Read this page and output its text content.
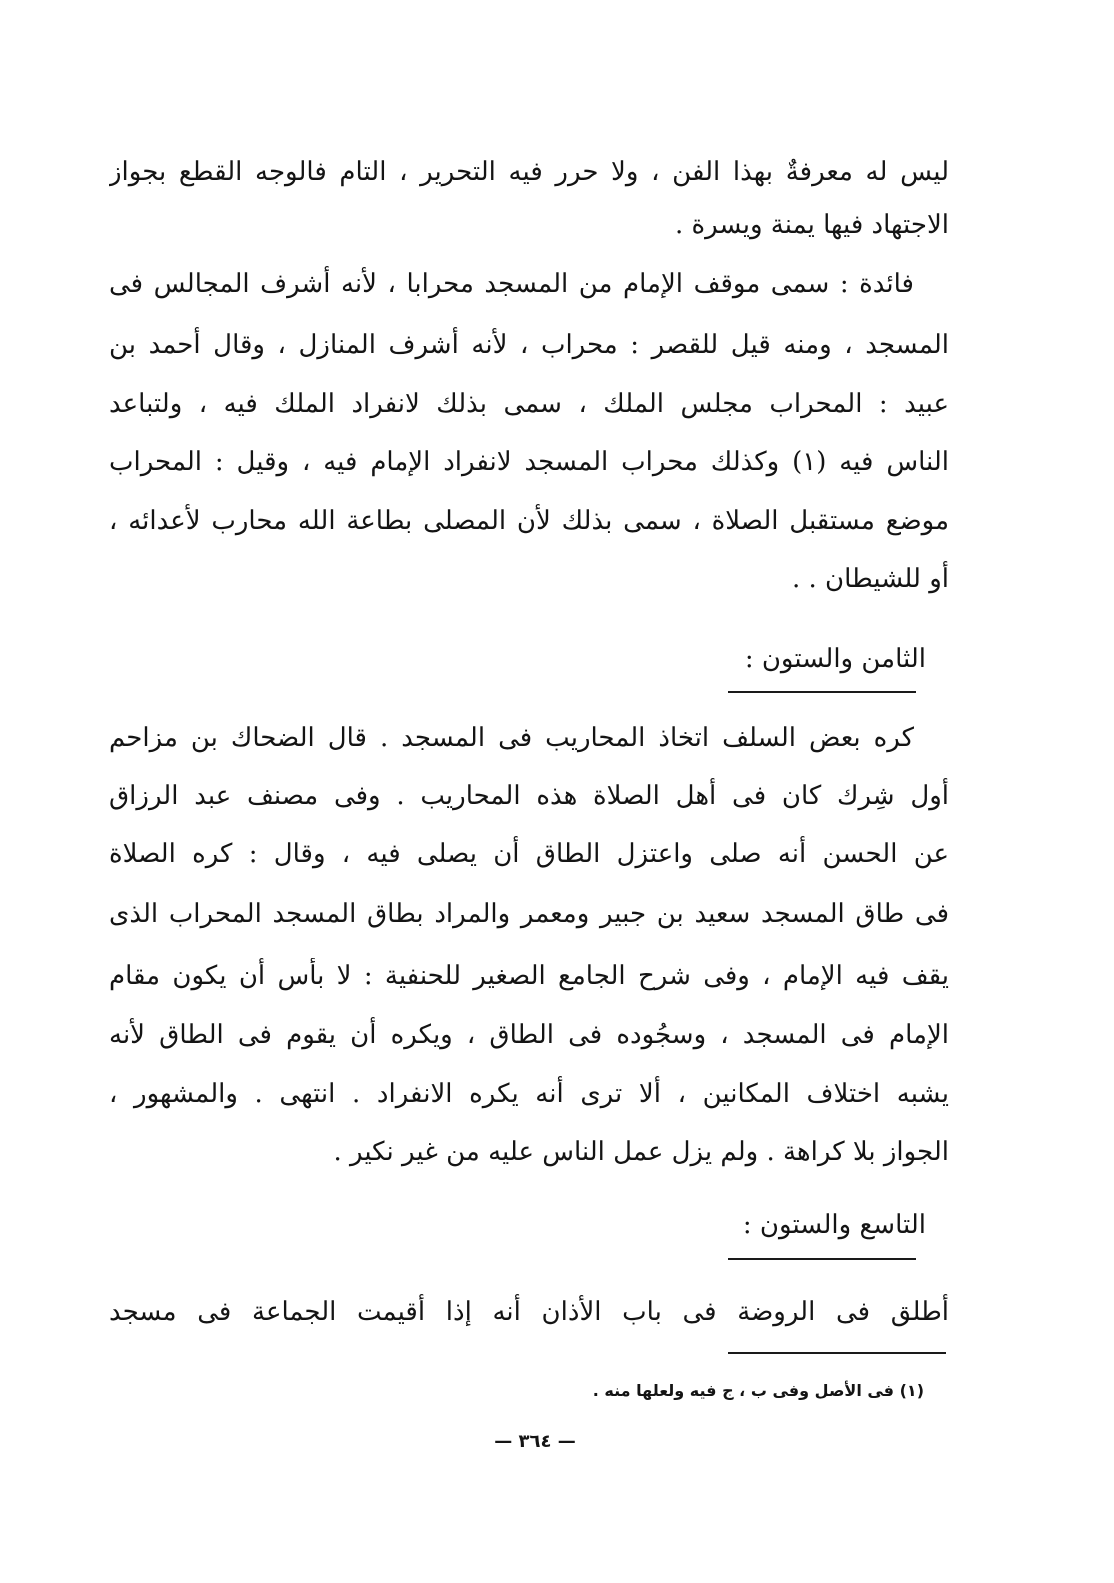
ليس له معرفةٌ بهذا الفن ، ولا حرر فيه التحرير ، التام فالوجه القطع بجواز
الاجتهاد فيها يمنة ويسرة .
فائدة : سمى موقف الإمام من المسجد محرابا ، لأنه أشرف المجالس فى
المسجد ، ومنه قيل للقصر : محراب ، لأنه أشرف المنازل ، وقال أحمد بن
عبيد : المحراب مجلس الملك ، سمى بذلك لانفراد الملك فيه ، ولتباعد
الناس فيه (١) وكذلك محراب المسجد لانفراد الإمام فيه ، وقيل : المحراب
موضع مستقبل الصلاة ، سمى بذلك لأن المصلى بطاعة الله محارب لأعدائه ،
أو للشيطان . .
الثامن والستون :
كره بعض السلف اتخاذ المحاريب فى المسجد . قال الضحاك بن مزاحم
أول شِرك كان فى أهل الصلاة هذه المحاريب . وفى مصنف عبد الرزاق
عن الحسن أنه صلى واعتزل الطاق أن يصلى فيه ، وقال : كره الصلاة
فى طاق المسجد سعيد بن جبير ومعمر والمراد بطاق المسجد المحراب الذى
يقف فيه الإمام ، وفى شرح الجامع الصغير للحنفية : لا بأس أن يكون مقام
الإمام فى المسجد ، وسجُوده فى الطاق ، ويكره أن يقوم فى الطاق لأنه
يشبه اختلاف المكانين ، ألا ترى أنه يكره الانفراد . انتهى . والمشهور ،
الجواز بلا كراهة . ولم يزل عمل الناس عليه من غير نكير .
التاسع والستون :
أطلق فى الروضة فى باب الأذان أنه إذا أقيمت الجماعة فى مسجد
(١) فى الأصل وفى ب ، ج فيه ولعلها منه .
— ٣٦٤ —
